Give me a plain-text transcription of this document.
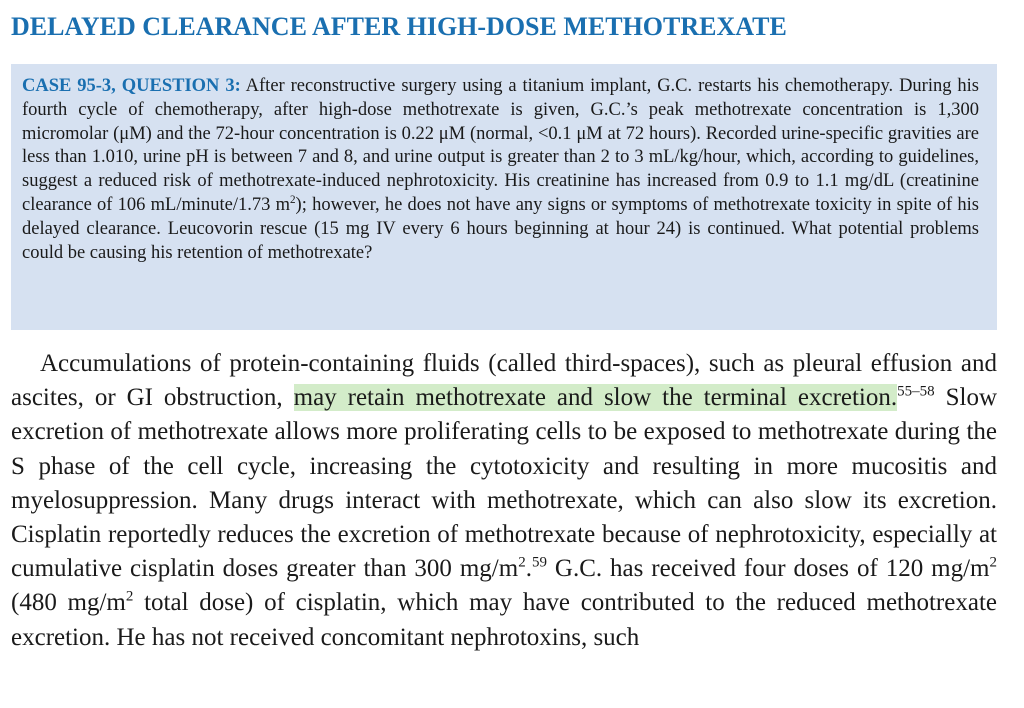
DELAYED CLEARANCE AFTER HIGH-DOSE METHOTREXATE

CASE 95-3, QUESTION 3: After reconstructive surgery using a titanium implant, G.C. restarts his chemotherapy. During his fourth cycle of chemotherapy, after high-dose methotrexate is given, G.C.’s peak methotrexate concentration is 1,300 micromolar (μM) and the 72-hour concentration is 0.22 μM (normal, <0.1 μM at 72 hours). Recorded urine-specific gravities are less than 1.010, urine pH is between 7 and 8, and urine output is greater than 2 to 3 mL/kg/hour, which, according to guidelines, suggest a reduced risk of methotrexate-induced nephrotoxicity. His creatinine has increased from 0.9 to 1.1 mg/dL (creatinine clearance of 106 mL/minute/1.73 $m^2$); however, he does not have any signs or symptoms of methotrexate toxicity in spite of his delayed clearance. Leucovorin rescue (15 mg IV every 6 hours beginning at hour 24) is continued. What potential problems could be causing his retention of methotrexate?

Accumulations of protein-containing fluids (called third-spaces), such as pleural effusion and ascites, or GI obstruction, may retain methotrexate and slow the terminal excretion.$^{55-58}$ Slow excretion of methotrexate allows more proliferating cells to be exposed to methotrexate during the S phase of the cell cycle, increasing the cytotoxicity and resulting in more mucositis and myelosuppression. Many drugs interact with methotrexate, which can also slow its excretion. Cisplatin reportedly reduces the excretion of methotrexate because of nephrotoxicity, especially at cumulative cisplatin doses greater than 300 $mg/m^2.^{59}$ G.C. has received four doses of 120 $mg/m^2$ (480 $mg/m^2$ total dose) of cisplatin, which may have contributed to the reduced methotrexate excretion. He has not received concomitant nephrotoxins, such
